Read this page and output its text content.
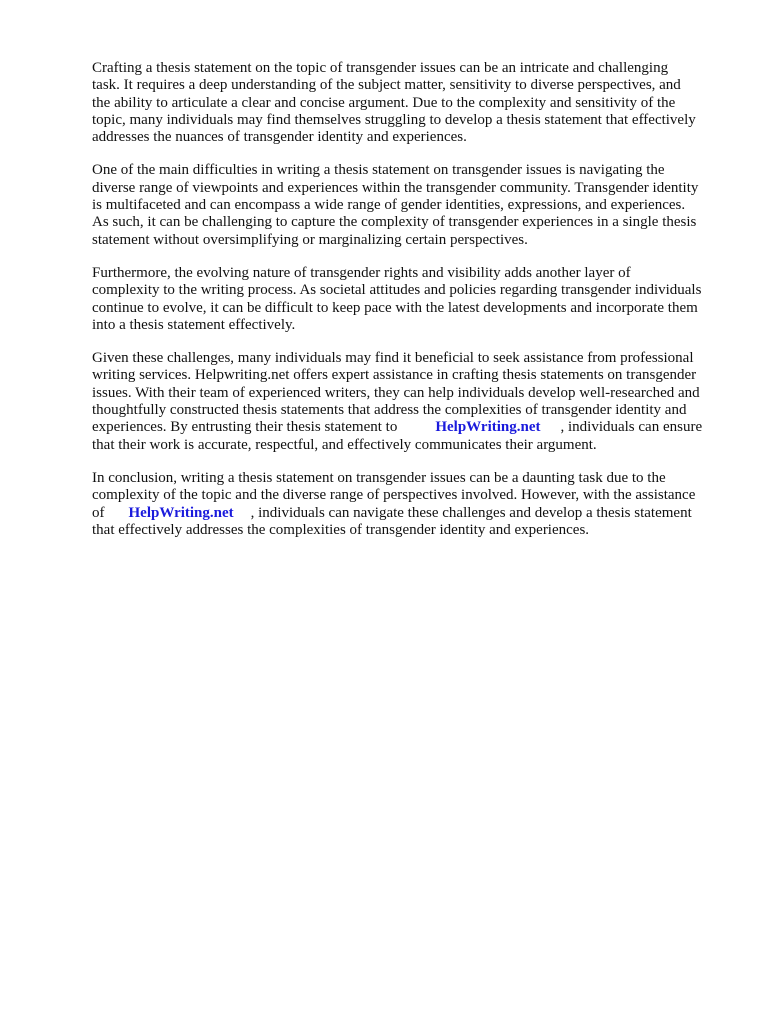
Crafting a thesis statement on the topic of transgender issues can be an intricate and challenging
task. It requires a deep understanding of the subject matter, sensitivity to diverse perspectives, and
the ability to articulate a clear and concise argument. Due to the complexity and sensitivity of the
topic, many individuals may find themselves struggling to develop a thesis statement that effectively
addresses the nuances of transgender identity and experiences.

One of the main difficulties in writing a thesis statement on transgender issues is navigating the
diverse range of viewpoints and experiences within the transgender community. Transgender identity
is multifaceted and can encompass a wide range of gender identities, expressions, and experiences.
As such, it can be challenging to capture the complexity of transgender experiences in a single thesis
statement without oversimplifying or marginalizing certain perspectives.

Furthermore, the evolving nature of transgender rights and visibility adds another layer of
complexity to the writing process. As societal attitudes and policies regarding transgender individuals
continue to evolve, it can be difficult to keep pace with the latest developments and incorporate them
into a thesis statement effectively.

Given these challenges, many individuals may find it beneficial to seek assistance from professional
writing services. Helpwriting.net offers expert assistance in crafting thesis statements on transgender
issues. With their team of experienced writers, they can help individuals develop well-researched and
thoughtfully constructed thesis statements that address the complexities of transgender identity and
experiences. By entrusting their thesis statement to	HelpWriting.net , individuals can ensure
that their work is accurate, respectful, and effectively communicates their argument.

In conclusion, writing a thesis statement on transgender issues can be a daunting task due to the
complexity of the topic and the diverse range of perspectives involved. However, with the assistance
of HelpWriting.net , individuals can navigate these challenges and develop a thesis statement
that effectively addresses the complexities of transgender identity and experiences.
